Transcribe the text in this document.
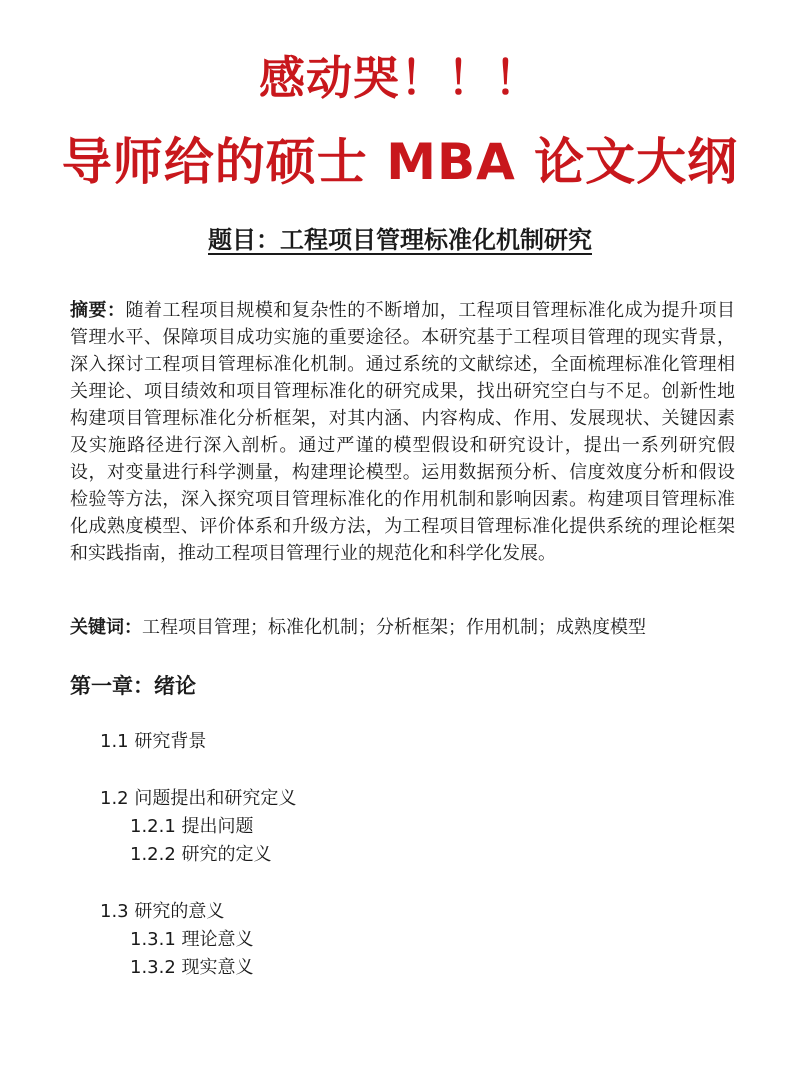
感动哭！！！
导师给的硕士 MBA 论文大纲
题目：工程项目管理标准化机制研究
摘要：随着工程项目规模和复杂性的不断增加，工程项目管理标准化成为提升项目管理水平、保障项目成功实施的重要途径。本研究基于工程项目管理的现实背景，深入探讨工程项目管理标准化机制。通过系统的文献综述，全面梳理标准化管理相关理论、项目绩效和项目管理标准化的研究成果，找出研究空白与不足。创新性地构建项目管理标准化分析框架，对其内涵、内容构成、作用、发展现状、关键因素及实施路径进行深入剖析。通过严谨的模型假设和研究设计，提出一系列研究假设，对变量进行科学测量，构建理论模型。运用数据预分析、信度效度分析和假设检验等方法，深入探究项目管理标准化的作用机制和影响因素。构建项目管理标准化成熟度模型、评价体系和升级方法，为工程项目管理标准化提供系统的理论框架和实践指南，推动工程项目管理行业的规范化和科学化发展。
关键词：工程项目管理；标准化机制；分析框架；作用机制；成熟度模型
第一章：绪论
1.1 研究背景
1.2 问题提出和研究定义
1.2.1 提出问题
1.2.2 研究的定义
1.3 研究的意义
1.3.1 理论意义
1.3.2 现实意义
